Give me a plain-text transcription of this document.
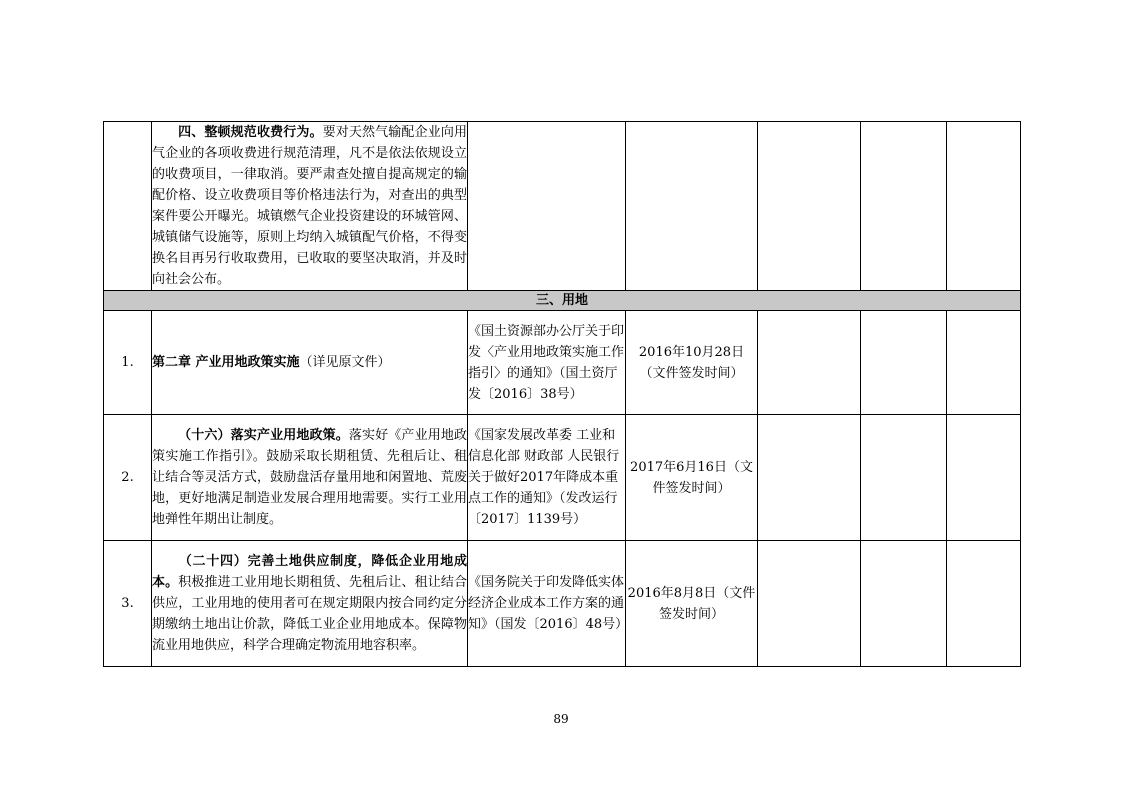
	四、整顿规范收费行为。要对天然气输配企业向用气企业的各项收费进行规范清理，凡不是依法依规设立的收费项目，一律取消。要严肃查处擅自提高规定的输配价格、设立收费项目等价格违法行为，对查出的典型案件要公开曝光。城镇燃气企业投资建设的环城管网、城镇储气设施等，原则上均纳入城镇配气价格，不得变换名目再另行收取费用，已收取的要坚决取消，并及时向社会公布。					
三、用地						
1.	第二章 产业用地政策实施（详见原文件）	《国土资源部办公厅关于印发〈产业用地政策实施工作指引〉的通知》（国土资厅发〔2016〕38号）	2016年10月28日（文件签发时间）			
2.	（十六）落实产业用地政策。落实好《产业用地政策实施工作指引》。鼓励采取长期租赁、先租后让、租让结合等灵活方式，鼓励盘活存量用地和闲置地、荒废地，更好地满足制造业发展合理用地需要。实行工业用地弹性年期出让制度。	《国家发展改革委 工业和信息化部 财政部 人民银行关于做好2017年降成本重点工作的通知》（发改运行〔2017〕1139号）	2017年6月16日（文件签发时间）			
3.	（二十四）完善土地供应制度，降低企业用地成本。积极推进工业用地长期租赁、先租后让、租让结合供应，工业用地的使用者可在规定期限内按合同约定分期缴纳土地出让价款，降低工业企业用地成本。保障物流业用地供应，科学合理确定物流用地容积率。	《国务院关于印发降低实体经济企业成本工作方案的通知》（国发〔2016〕48号）	2016年8月8日（文件签发时间）			
89
